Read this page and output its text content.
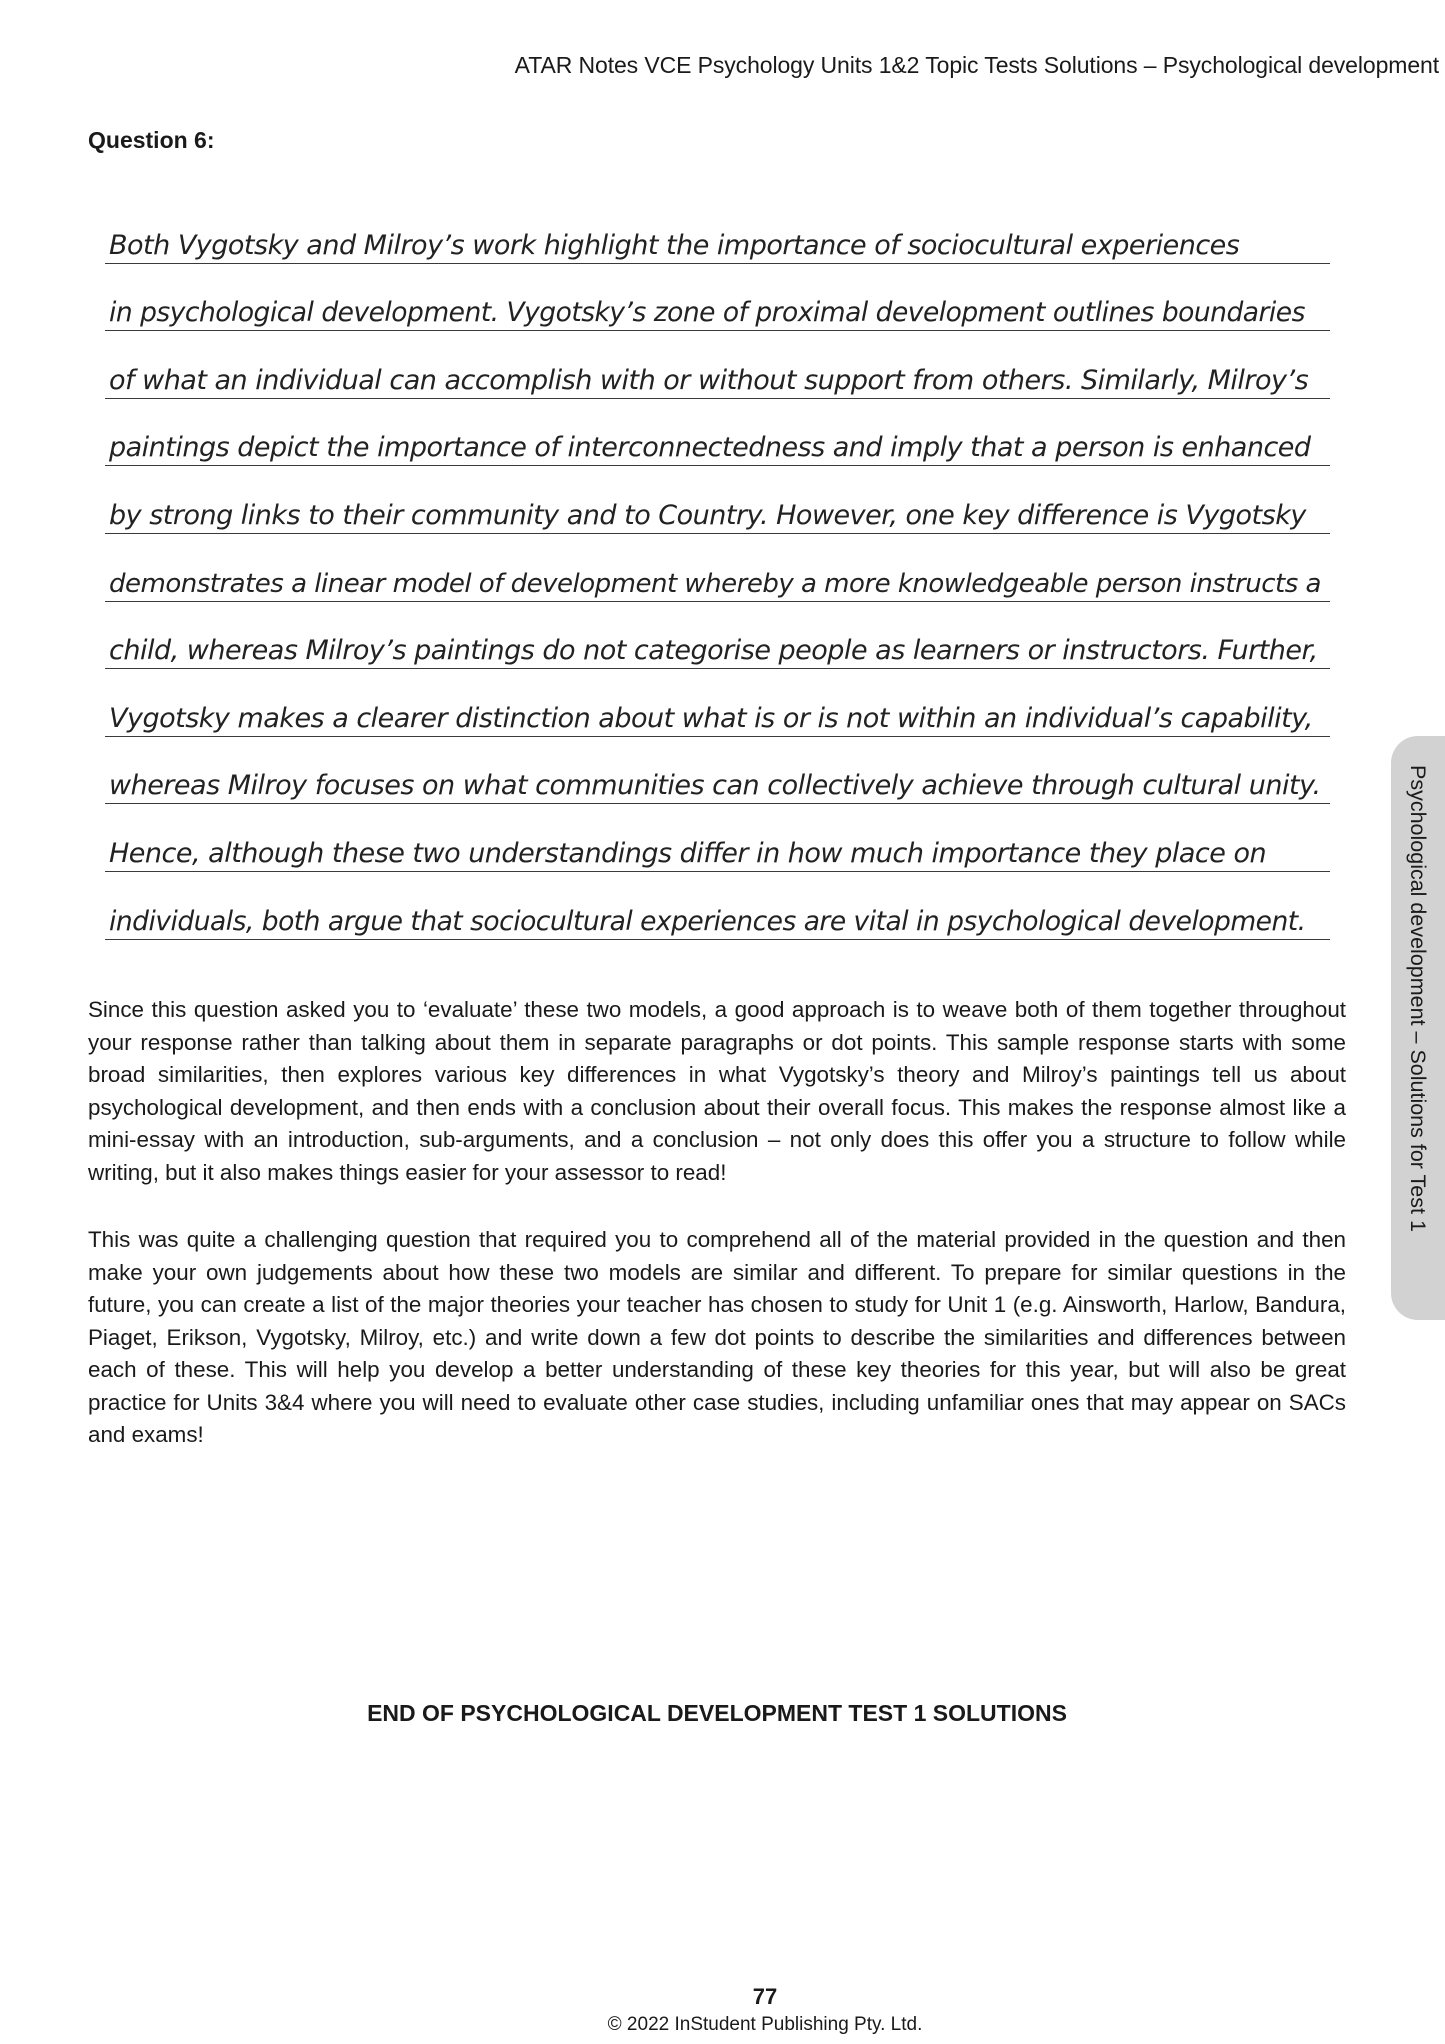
ATAR Notes VCE Psychology Units 1&2 Topic Tests Solutions – Psychological development
Question 6:
Both Vygotsky and Milroy’s work highlight the importance of sociocultural experiences
in psychological development. Vygotsky’s zone of proximal development outlines boundaries
of what an individual can accomplish with or without support from others. Similarly, Milroy’s
paintings depict the importance of interconnectedness and imply that a person is enhanced
by strong links to their community and to Country. However, one key difference is Vygotsky
demonstrates a linear model of development whereby a more knowledgeable person instructs a
child, whereas Milroy’s paintings do not categorise people as learners or instructors. Further,
Vygotsky makes a clearer distinction about what is or is not within an individual’s capability,
whereas Milroy focuses on what communities can collectively achieve through cultural unity.
Hence, although these two understandings differ in how much importance they place on
individuals, both argue that sociocultural experiences are vital in psychological development.

Since this question asked you to ‘evaluate’ these two models, a good approach is to weave both of them together throughout your response rather than talking about them in separate paragraphs or dot points. This sample response starts with some broad similarities, then explores various key differences in what Vygotsky’s theory and Milroy’s paintings tell us about psychological development, and then ends with a conclusion about their overall focus. This makes the response almost like a mini-essay with an introduction, sub-arguments, and a conclusion – not only does this offer you a structure to follow while writing, but it also makes things easier for your assessor to read!

This was quite a challenging question that required you to comprehend all of the material provided in the question and then make your own judgements about how these two models are similar and different. To prepare for similar questions in the future, you can create a list of the major theories your teacher has chosen to study for Unit 1 (e.g. Ainsworth, Harlow, Bandura, Piaget, Erikson, Vygotsky, Milroy, etc.) and write down a few dot points to describe the similarities and differences between each of these. This will help you develop a better understanding of these key theories for this year, but will also be great practice for Units 3&4 where you will need to evaluate other case studies, including unfamiliar ones that may appear on SACs and exams!

END OF PSYCHOLOGICAL DEVELOPMENT TEST 1 SOLUTIONS
Psychological development – Solutions for Test 1
77
© 2022 InStudent Publishing Pty. Ltd.
